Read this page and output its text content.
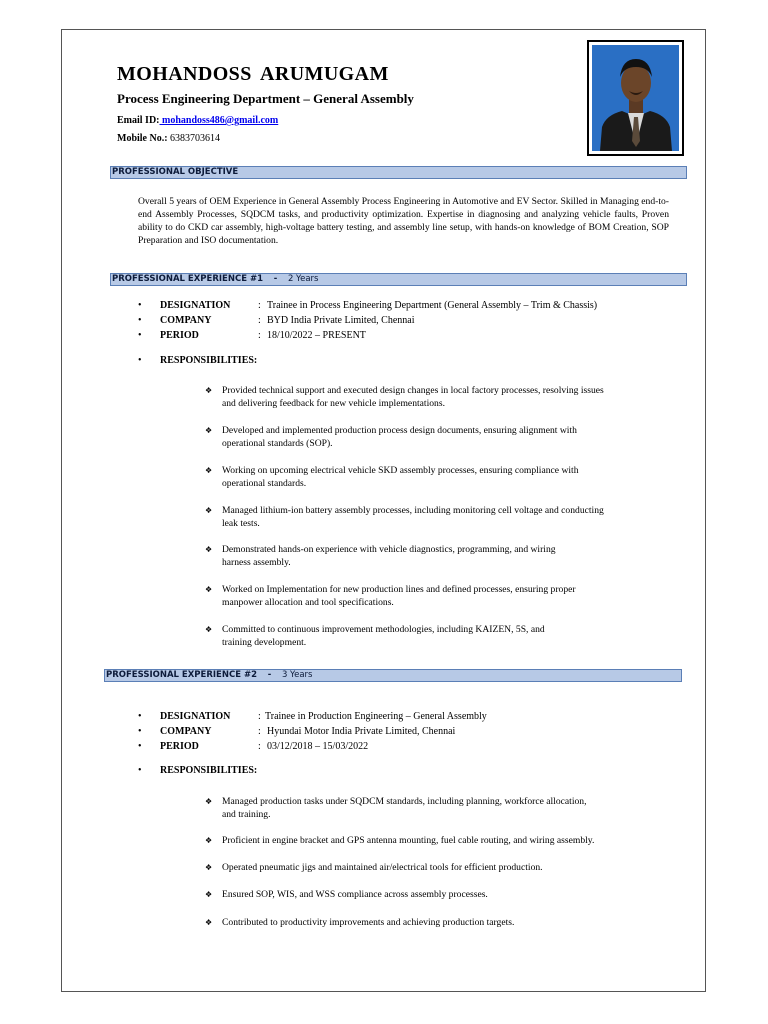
MOHANDOSS ARUMUGAM
Process Engineering Department – General Assembly
Email ID: mohandoss486@gmail.com
Mobile No.: 6383703614
PROFESSIONAL OBJECTIVE
Overall 5 years of OEM Experience in General Assembly Process Engineering in Automotive and EV Sector. Skilled in Managing end-to-end Assembly Processes, SQDCM tasks, and productivity optimization. Expertise in diagnosing and analyzing vehicle faults, Proven ability to do CKD car assembly, high-voltage battery testing, and assembly line setup, with hands-on knowledge of BOM Creation, SOP Preparation and ISO documentation.
PROFESSIONAL EXPERIENCE #1 - 2 Years
• DESIGNATION	: Trainee in Process Engineering Department (General Assembly – Trim & Chassis)
• COMPANY	: BYD India Private Limited, Chennai
• PERIOD	: 18/10/2022 – PRESENT
• RESPONSIBILITIES:
❖ Provided technical support and executed design changes in local factory processes, resolving issues
and delivering feedback for new vehicle implementations.
❖ Developed and implemented production process design documents, ensuring alignment with
operational standards (SOP).
❖ Working on upcoming electrical vehicle SKD assembly processes, ensuring compliance with
operational standards.
❖ Managed lithium-ion battery assembly processes, including monitoring cell voltage and conducting
leak tests.
❖ Demonstrated hands-on experience with vehicle diagnostics, programming, and wiring
harness assembly.
❖ Worked on Implementation for new production lines and defined processes, ensuring proper
manpower allocation and tool specifications.
❖ Committed to continuous improvement methodologies, including KAIZEN, 5S, and
training development.
PROFESSIONAL EXPERIENCE #2 - 3 Years
• DESIGNATION	: Trainee in Production Engineering – General Assembly
• COMPANY	: Hyundai Motor India Private Limited, Chennai
• PERIOD	: 03/12/2018 – 15/03/2022
• RESPONSIBILITIES:
❖ Managed production tasks under SQDCM standards, including planning, workforce allocation,
and training.
❖ Proficient in engine bracket and GPS antenna mounting, fuel cable routing, and wiring assembly.
❖ Operated pneumatic jigs and maintained air/electrical tools for efficient production.
❖ Ensured SOP, WIS, and WSS compliance across assembly processes.
❖ Contributed to productivity improvements and achieving production targets.
